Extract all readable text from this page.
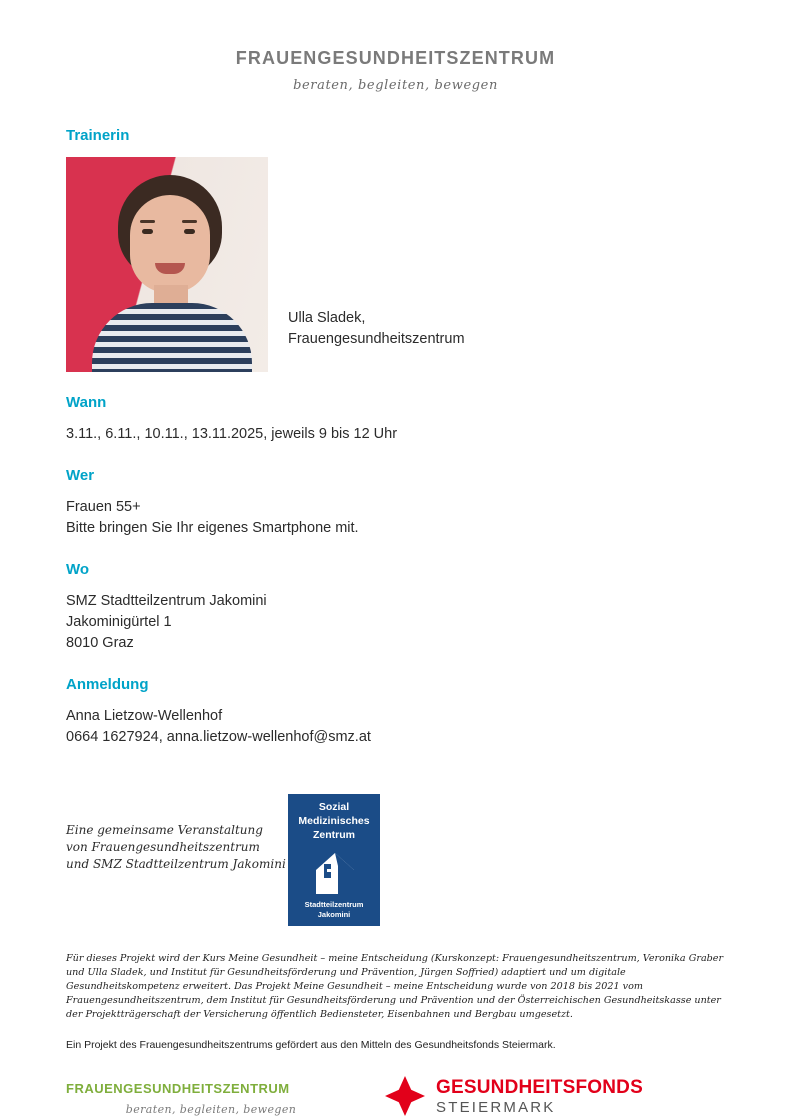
frauengesundheitszentrum
beraten, begleiten, bewegen
Trainerin
Ulla Sladek,
Frauengesundheitszentrum
Wann
3.11., 6.11., 10.11., 13.11.2025, jeweils 9 bis 12 Uhr
Wer
Frauen 55+
Bitte bringen Sie Ihr eigenes Smartphone mit.
Wo
SMZ Stadtteilzentrum Jakomini
Jakominigürtel 1
8010 Graz
Anmeldung
Anna Lietzow-Wellenhof
0664 1627924, anna.lietzow-wellenhof@smz.at
Eine gemeinsame Veranstaltung
von Frauengesundheitszentrum
und SMZ Stadtteilzentrum Jakomini
Sozial
Medizinisches
Zentrum
Stadtteilzentrum
Jakomini
Für dieses Projekt wird der Kurs Meine Gesundheit – meine Entscheidung (Kurskonzept: Frauengesundheitszentrum, Veronika Graber und Ulla Sladek, und Institut für Gesundheitsförderung und Prävention, Jürgen Soffried) adaptiert und um digitale Gesundheitskompetenz erweitert. Das Projekt Meine Gesundheit – meine Entscheidung wurde von 2018 bis 2021 vom Frauengesundheitszentrum, dem Institut für Gesundheitsförderung und Prävention und der Österreichischen Gesundheitskasse unter der Projektträgerschaft der Versicherung öffentlich Bediensteter, Eisenbahnen und Bergbau umgesetzt.
Ein Projekt des Frauengesundheitszentrums gefördert aus den Mitteln des Gesundheitsfonds Steiermark.
frauengesundheitszentrum
beraten, begleiten, bewegen
GESUNDHEITSFONDS
STEIERMARK
